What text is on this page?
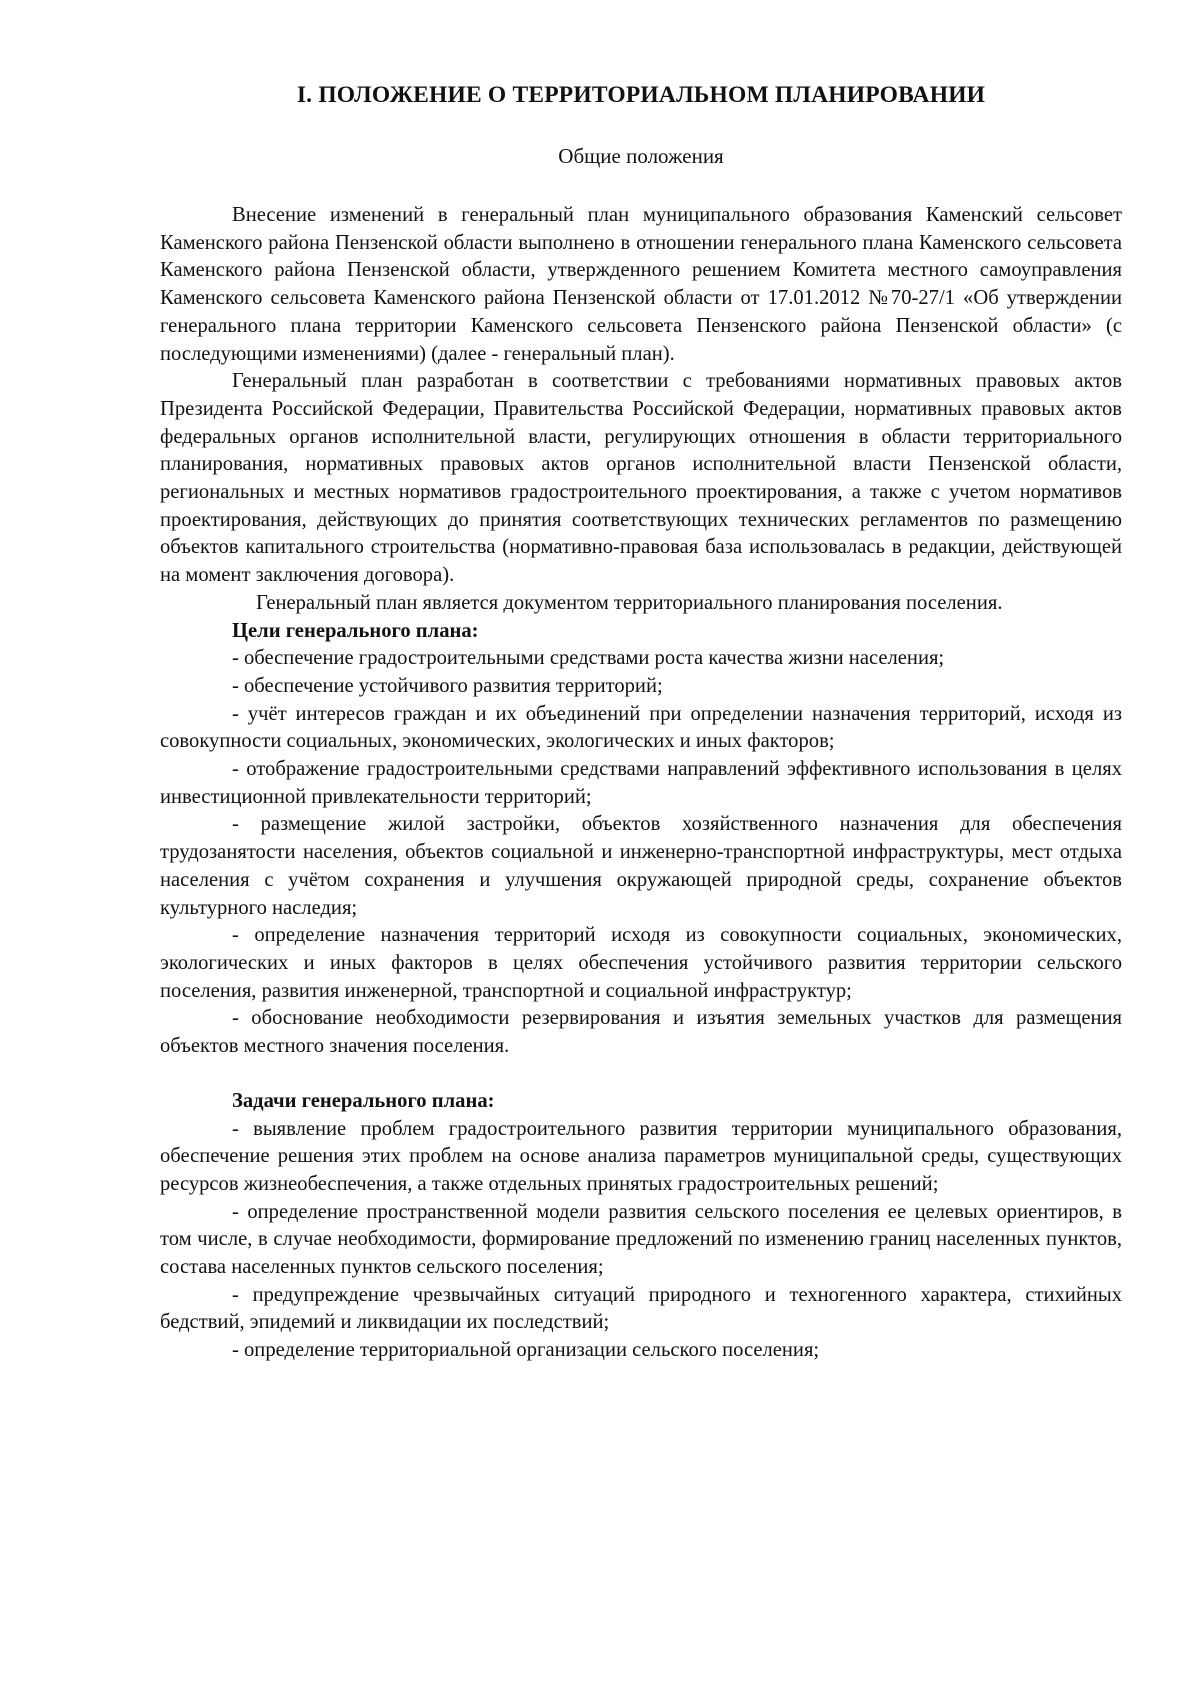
I. ПОЛОЖЕНИЕ О ТЕРРИТОРИАЛЬНОМ ПЛАНИРОВАНИИ
Общие положения

Внесение изменений в генеральный план муниципального образования Каменский сельсовет Каменского района Пензенской области выполнено в отношении генерального плана Каменского сельсовета Каменского района Пензенской области, утвержденного решением Комитета местного самоуправления Каменского сельсовета Каменского района Пензенской области от 17.01.2012 №70-27/1 «Об утверждении генерального плана территории Каменского сельсовета Пензенского района Пензенской области» (с последующими изменениями) (далее - генеральный план).

Генеральный план разработан в соответствии с требованиями нормативных правовых актов Президента Российской Федерации, Правительства Российской Федерации, нормативных правовых актов федеральных органов исполнительной власти, регулирующих отношения в области территориального планирования, нормативных правовых актов органов исполнительной власти Пензенской области, региональных и местных нормативов градостроительного проектирования, а также с учетом нормативов проектирования, действующих до принятия соответствующих технических регламентов по размещению объектов капитального строительства (нормативно-правовая база использовалась в редакции, действующей на момент заключения договора).

Генеральный план является документом территориального планирования поселения.

Цели генерального плана:

- обеспечение градостроительными средствами роста качества жизни населения;

- обеспечение устойчивого развития территорий;

- учёт интересов граждан и их объединений при определении назначения территорий, исходя из совокупности социальных, экономических, экологических и иных факторов;

- отображение градостроительными средствами направлений эффективного использования в целях инвестиционной привлекательности территорий;

- размещение жилой застройки, объектов хозяйственного назначения для обеспечения трудозанятости населения, объектов социальной и инженерно-транспортной инфраструктуры, мест отдыха населения с учётом сохранения и улучшения окружающей природной среды, сохранение объектов культурного наследия;

- определение назначения территорий исходя из совокупности социальных, экономических, экологических и иных факторов в целях обеспечения устойчивого развития территории сельского поселения, развития инженерной, транспортной и социальной инфраструктур;

- обоснование необходимости резервирования и изъятия земельных участков для размещения объектов местного значения поселения.

Задачи генерального плана:

- выявление проблем градостроительного развития территории муниципального образования, обеспечение решения этих проблем на основе анализа параметров муниципальной среды, существующих ресурсов жизнеобеспечения, а также отдельных принятых градостроительных решений;

- определение пространственной модели развития сельского поселения ее целевых ориентиров, в том числе, в случае необходимости, формирование предложений по изменению границ населенных пунктов, состава населенных пунктов сельского поселения;

- предупреждение чрезвычайных ситуаций природного и техногенного характера, стихийных бедствий, эпидемий и ликвидации их последствий;

- определение территориальной организации сельского поселения;
